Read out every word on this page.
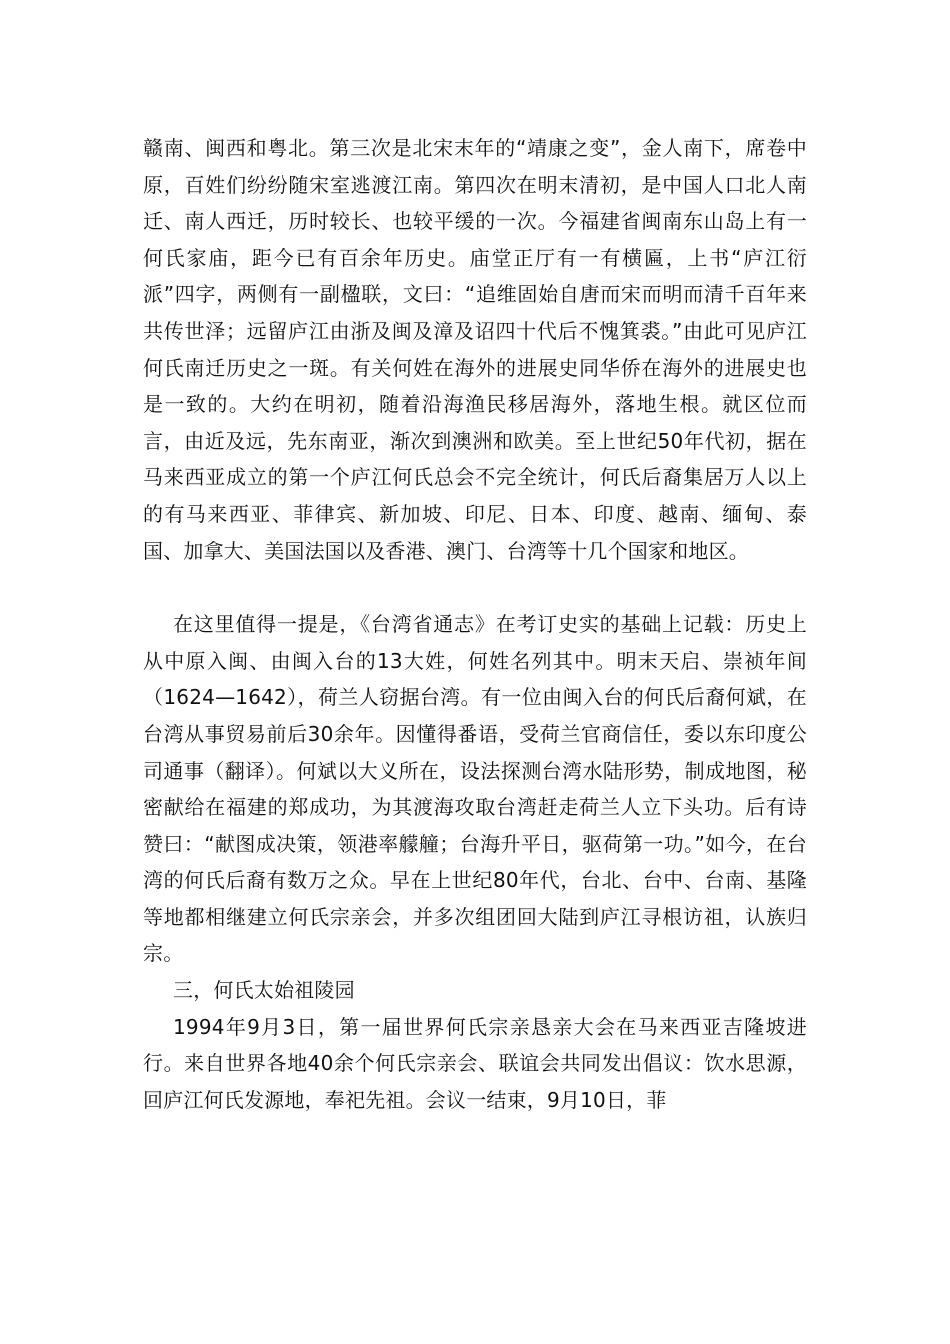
赣南、闽西和粤北。第三次是北宋末年的“靖康之变”，金人南下，席卷中原，百姓们纷纷随宋室逃渡江南。第四次在明末清初，是中国人口北人南迁、南人西迁，历时较长、也较平缓的一次。今福建省闽南东山岛上有一何氏家庙，距今已有百余年历史。庙堂正厅有一有横匾，上书“庐江衍派”四字，两侧有一副楹联，文曰：“追维固始自唐而宋而明而清千百年来共传世泽；远留庐江由浙及闽及漳及诏四十代后不愧箕裘。”由此可见庐江何氏南迁历史之一斑。有关何姓在海外的进展史同华侨在海外的进展史也是一致的。大约在明初，随着沿海渔民移居海外，落地生根。就区位而言，由近及远，先东南亚，渐次到澳洲和欧美。至上世纪50年代初，据在马来西亚成立的第一个庐江何氏总会不完全统计，何氏后裔集居万人以上的有马来西亚、菲律宾、新加坡、印尼、日本、印度、越南、缅甸、泰国、加拿大、美国法国以及香港、澳门、台湾等十几个国家和地区。

在这里值得一提是，《台湾省通志》在考订史实的基础上记载：历史上从中原入闽、由闽入台的13大姓，何姓名列其中。明末天启、崇祯年间（1624—1642），荷兰人窃据台湾。有一位由闽入台的何氏后裔何斌，在台湾从事贸易前后30余年。因懂得番语，受荷兰官商信任，委以东印度公司通事（翻译）。何斌以大义所在，设法探测台湾水陆形势，制成地图，秘密献给在福建的郑成功，为其渡海攻取台湾赶走荷兰人立下头功。后有诗赞曰：“献图成决策，领港率艨艟；台海升平日，驱荷第一功。”如今，在台湾的何氏后裔有数万之众。早在上世纪80年代，台北、台中、台南、基隆等地都相继建立何氏宗亲会，并多次组团回大陆到庐江寻根访祖，认族归宗。

三，何氏太始祖陵园

1994年9月3日，第一届世界何氏宗亲恳亲大会在马来西亚吉隆坡进行。来自世界各地40余个何氏宗亲会、联谊会共同发出倡议：饮水思源，回庐江何氏发源地，奉祀先祖。会议一结束，9月10日，菲
